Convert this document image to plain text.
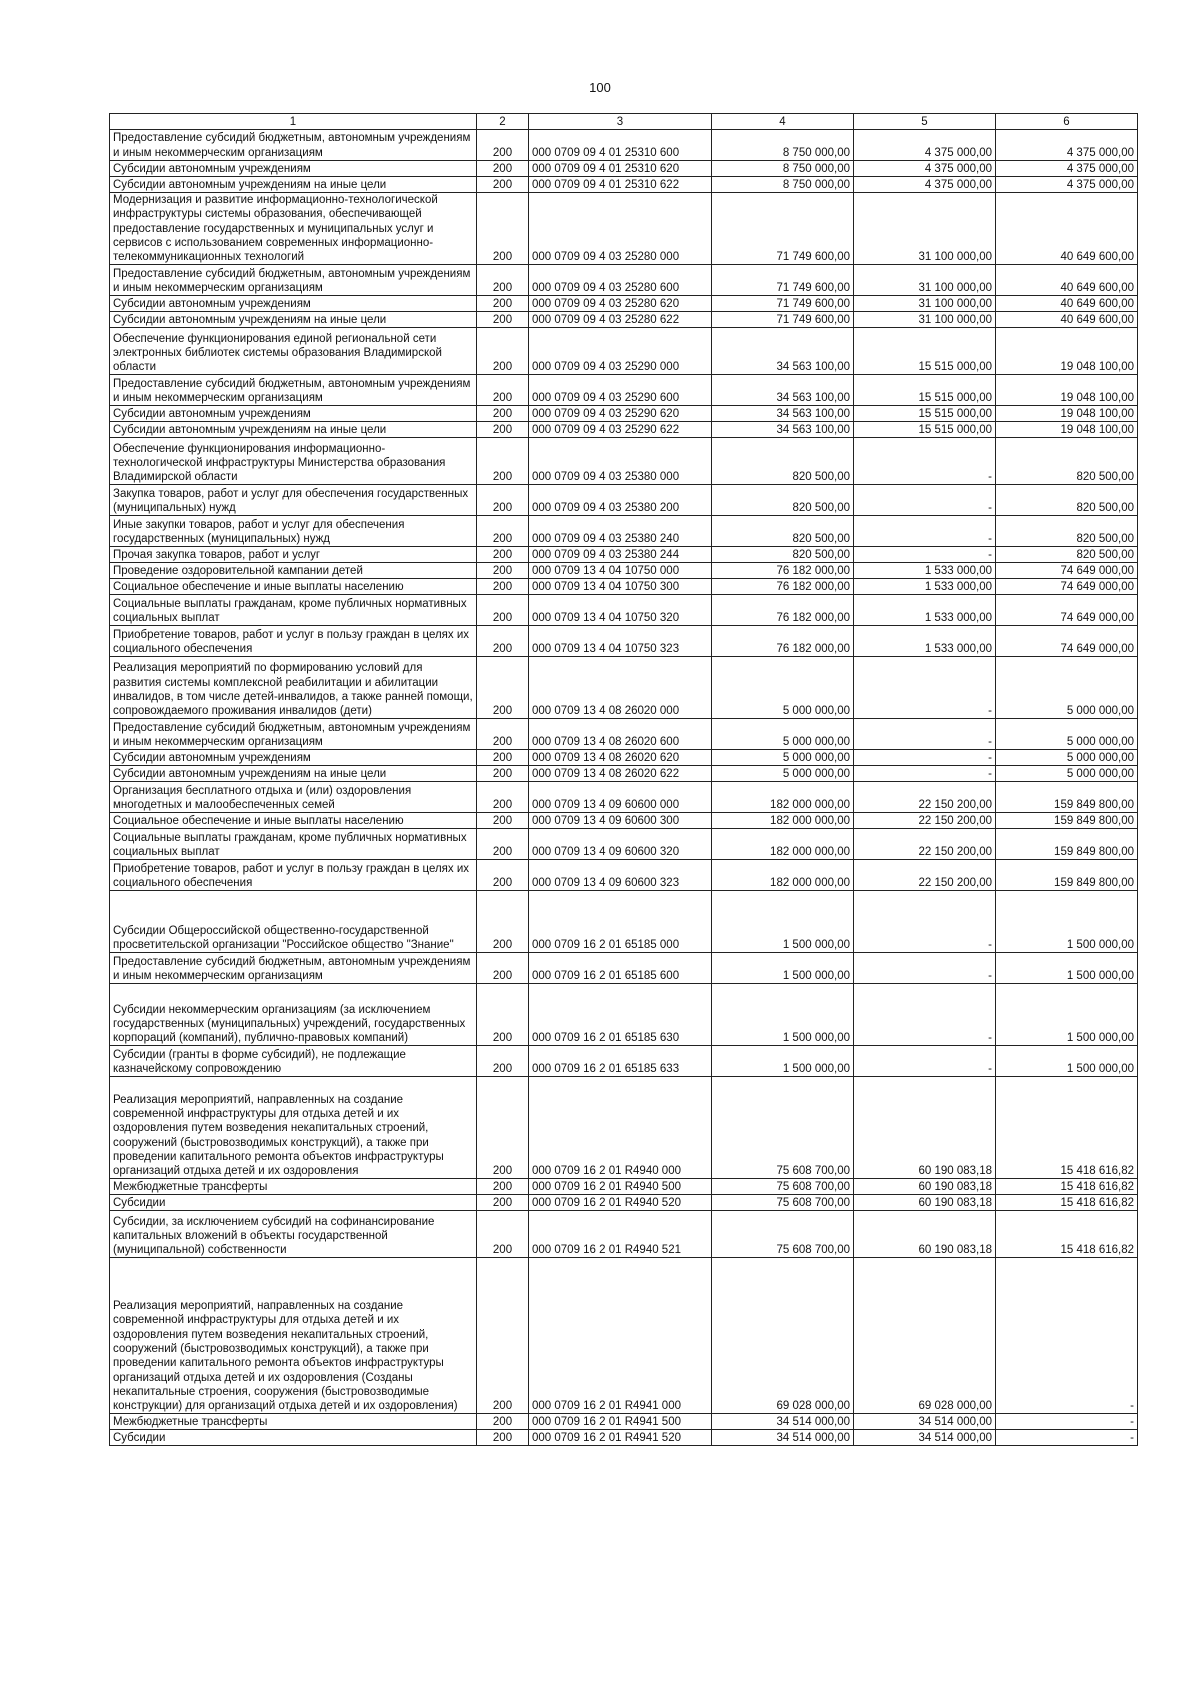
100
1	2	3	4	5	6
Предоставление субсидий бюджетным, автономным учреждениям и иным некоммерческим организациям	200	000 0709 09 4 01 25310 600	8 750 000,00	4 375 000,00	4 375 000,00
Субсидии автономным учреждениям	200	000 0709 09 4 01 25310 620	8 750 000,00	4 375 000,00	4 375 000,00
Субсидии автономным учреждениям на иные цели	200	000 0709 09 4 01 25310 622	8 750 000,00	4 375 000,00	4 375 000,00
Модернизация и развитие информационно-технологической инфраструктуры системы образования, обеспечивающей предоставление государственных и муниципальных услуг и сервисов с использованием современных информационно-телекоммуникационных технологий	200	000 0709 09 4 03 25280 000	71 749 600,00	31 100 000,00	40 649 600,00
Предоставление субсидий бюджетным, автономным учреждениям и иным некоммерческим организациям	200	000 0709 09 4 03 25280 600	71 749 600,00	31 100 000,00	40 649 600,00
Субсидии автономным учреждениям	200	000 0709 09 4 03 25280 620	71 749 600,00	31 100 000,00	40 649 600,00
Субсидии автономным учреждениям на иные цели	200	000 0709 09 4 03 25280 622	71 749 600,00	31 100 000,00	40 649 600,00
Обеспечение функционирования единой региональной сети электронных библиотек системы образования Владимирской области	200	000 0709 09 4 03 25290 000	34 563 100,00	15 515 000,00	19 048 100,00
Предоставление субсидий бюджетным, автономным учреждениям и иным некоммерческим организациям	200	000 0709 09 4 03 25290 600	34 563 100,00	15 515 000,00	19 048 100,00
Субсидии автономным учреждениям	200	000 0709 09 4 03 25290 620	34 563 100,00	15 515 000,00	19 048 100,00
Субсидии автономным учреждениям на иные цели	200	000 0709 09 4 03 25290 622	34 563 100,00	15 515 000,00	19 048 100,00
Обеспечение функционирования информационно-технологической инфраструктуры Министерства образования Владимирской области	200	000 0709 09 4 03 25380 000	820 500,00	-	820 500,00
Закупка товаров, работ и услуг для обеспечения государственных (муниципальных) нужд	200	000 0709 09 4 03 25380 200	820 500,00	-	820 500,00
Иные закупки товаров, работ и услуг для обеспечения государственных (муниципальных) нужд	200	000 0709 09 4 03 25380 240	820 500,00	-	820 500,00
Прочая закупка товаров, работ и услуг	200	000 0709 09 4 03 25380 244	820 500,00	-	820 500,00
Проведение оздоровительной кампании детей	200	000 0709 13 4 04 10750 000	76 182 000,00	1 533 000,00	74 649 000,00
Социальное обеспечение и иные выплаты населению	200	000 0709 13 4 04 10750 300	76 182 000,00	1 533 000,00	74 649 000,00
Социальные выплаты гражданам, кроме публичных нормативных социальных выплат	200	000 0709 13 4 04 10750 320	76 182 000,00	1 533 000,00	74 649 000,00
Приобретение товаров, работ и услуг в пользу граждан в целях их социального обеспечения	200	000 0709 13 4 04 10750 323	76 182 000,00	1 533 000,00	74 649 000,00
Реализация мероприятий по формированию условий для развития системы комплексной реабилитации и абилитации инвалидов, в том числе детей-инвалидов, а также ранней помощи, сопровождаемого проживания инвалидов (дети)	200	000 0709 13 4 08 26020 000	5 000 000,00	-	5 000 000,00
Предоставление субсидий бюджетным, автономным учреждениям и иным некоммерческим организациям	200	000 0709 13 4 08 26020 600	5 000 000,00	-	5 000 000,00
Субсидии автономным учреждениям	200	000 0709 13 4 08 26020 620	5 000 000,00	-	5 000 000,00
Субсидии автономным учреждениям на иные цели	200	000 0709 13 4 08 26020 622	5 000 000,00	-	5 000 000,00
Организация бесплатного отдыха и (или) оздоровления многодетных и малообеспеченных семей	200	000 0709 13 4 09 60600 000	182 000 000,00	22 150 200,00	159 849 800,00
Социальное обеспечение и иные выплаты населению	200	000 0709 13 4 09 60600 300	182 000 000,00	22 150 200,00	159 849 800,00
Социальные выплаты гражданам, кроме публичных нормативных социальных выплат	200	000 0709 13 4 09 60600 320	182 000 000,00	22 150 200,00	159 849 800,00
Приобретение товаров, работ и услуг в пользу граждан в целях их социального обеспечения	200	000 0709 13 4 09 60600 323	182 000 000,00	22 150 200,00	159 849 800,00
Субсидии Общероссийской общественно-государственной просветительской организации "Российское общество "Знание"	200	000 0709 16 2 01 65185 000	1 500 000,00	-	1 500 000,00
Предоставление субсидий бюджетным, автономным учреждениям и иным некоммерческим организациям	200	000 0709 16 2 01 65185 600	1 500 000,00	-	1 500 000,00
Субсидии некоммерческим организациям (за исключением государственных (муниципальных) учреждений, государственных корпораций (компаний), публично-правовых компаний)	200	000 0709 16 2 01 65185 630	1 500 000,00	-	1 500 000,00
Субсидии (гранты в форме субсидий), не подлежащие казначейскому сопровождению	200	000 0709 16 2 01 65185 633	1 500 000,00	-	1 500 000,00
Реализация мероприятий, направленных на создание современной инфраструктуры для отдыха детей и их оздоровления путем возведения некапитальных строений, сооружений (быстровозводимых конструкций), а также при проведении капитального ремонта объектов инфраструктуры организаций отдыха детей и их оздоровления	200	000 0709 16 2 01 R4940 000	75 608 700,00	60 190 083,18	15 418 616,82
Межбюджетные трансферты	200	000 0709 16 2 01 R4940 500	75 608 700,00	60 190 083,18	15 418 616,82
Субсидии	200	000 0709 16 2 01 R4940 520	75 608 700,00	60 190 083,18	15 418 616,82
Субсидии, за исключением субсидий на софинансирование капитальных вложений в объекты государственной (муниципальной) собственности	200	000 0709 16 2 01 R4940 521	75 608 700,00	60 190 083,18	15 418 616,82
Реализация мероприятий, направленных на создание современной инфраструктуры для отдыха детей и их оздоровления путем возведения некапитальных строений, сооружений (быстровозводимых конструкций), а также при проведении капитального ремонта объектов инфраструктуры организаций отдыха детей и их оздоровления (Созданы некапитальные строения, сооружения (быстровозводимые конструкции) для организаций отдыха детей и их оздоровления)	200	000 0709 16 2 01 R4941 000	69 028 000,00	69 028 000,00	-
Межбюджетные трансферты	200	000 0709 16 2 01 R4941 500	34 514 000,00	34 514 000,00	-
Субсидии	200	000 0709 16 2 01 R4941 520	34 514 000,00	34 514 000,00	-
